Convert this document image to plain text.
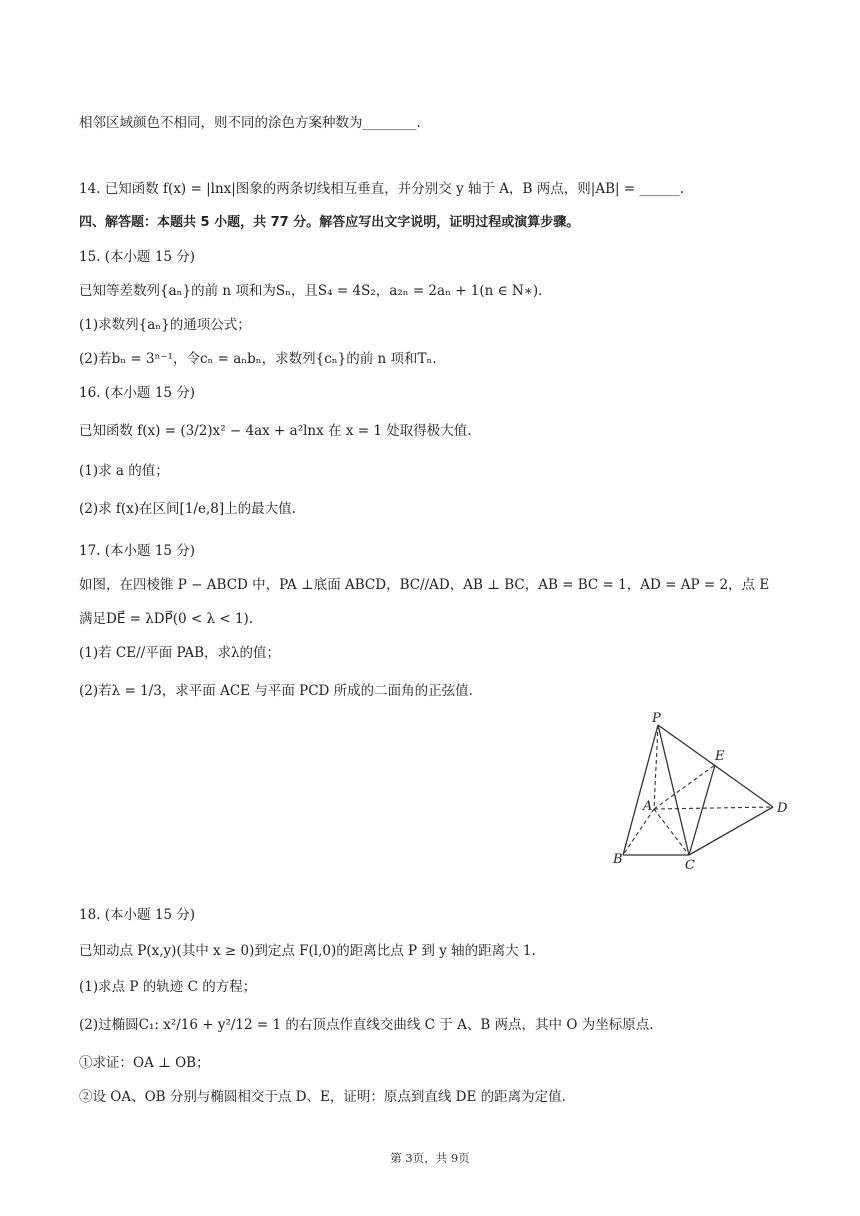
相邻区域颜色不相同，则不同的涂色方案种数为________.
14. 已知函数 f(x) = |lnx|图象的两条切线相互垂直，并分别交 y 轴于 A，B 两点，则|AB| = ______.
四、解答题：本题共 5 小题，共 77 分。解答应写出文字说明，证明过程或演算步骤。
15. (本小题 15 分)
已知等差数列{aₙ}的前 n 项和为Sₙ，且S₄ = 4S₂，a₂ₙ = 2aₙ + 1(n ∈ N∗).
(1)求数列{aₙ}的通项公式；
(2)若bₙ = 3ⁿ⁻¹，令cₙ = aₙbₙ，求数列{cₙ}的前 n 项和Tₙ.
16. (本小题 15 分)
已知函数 f(x) = (3/2)x² − 4ax + a²lnx 在 x = 1 处取得极大值.
(1)求 a 的值；
(2)求 f(x)在区间[1/e,8]上的最大值.
17. (本小题 15 分)
如图，在四棱锥 P − ABCD 中，PA ⊥底面 ABCD，BC//AD，AB ⊥ BC，AB = BC = 1，AD = AP = 2，点 E
满足DE⃗ = λDP⃗(0 < λ < 1).
(1)若 CE//平面 PAB，求λ的值；
(2)若λ = 1/3，求平面 ACE 与平面 PCD 所成的二面角的正弦值.
P
E
A	D
B	C
18. (本小题 15 分)
已知动点 P(x,y)(其中 x ≥ 0)到定点 F(l,0)的距离比点 P 到 y 轴的距离大 1.
(1)求点 P 的轨迹 C 的方程；
(2)过椭圆C₁: x²/16 + y²/12 = 1 的右顶点作直线交曲线 C 于 A、B 两点，其中 O 为坐标原点.
①求证：OA ⊥ OB；
②设 OA、OB 分别与椭圆相交于点 D、E，证明：原点到直线 DE 的距离为定值.
第 3页，共 9页
